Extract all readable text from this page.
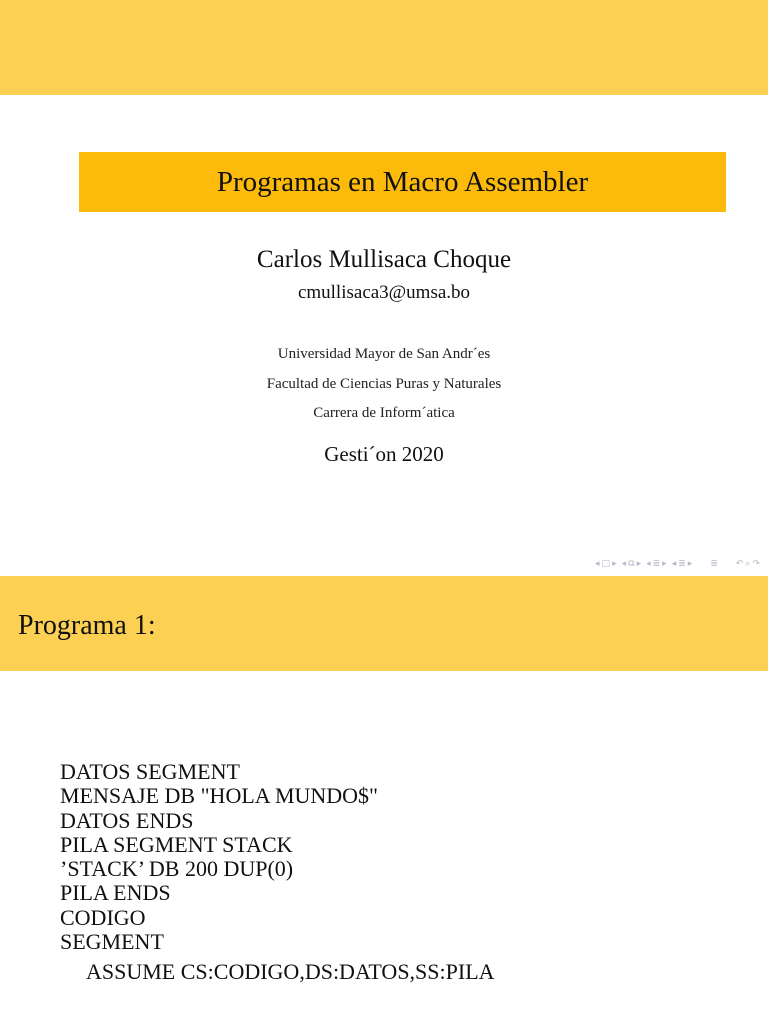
Programas en Macro Assembler
Carlos Mullisaca Choque
cmullisaca3@umsa.bo
Universidad Mayor de San Andr´es
Facultad de Ciencias Puras y Naturales
Carrera de Inform´atica
Gesti´on 2020
◂ □ ▸ ◂ ⧉ ▸ ◂ ≣ ▸ ◂ ≣ ▸ ≣ ↶ ⌕ ↷
Programa 1:
DATOS SEGMENT
MENSAJE DB "HOLA MUNDO$"
DATOS ENDS
PILA SEGMENT STACK
’STACK’ DB 200 DUP(0)
PILA ENDS
CODIGO
SEGMENT
ASSUME CS:CODIGO,DS:DATOS,SS:PILA
